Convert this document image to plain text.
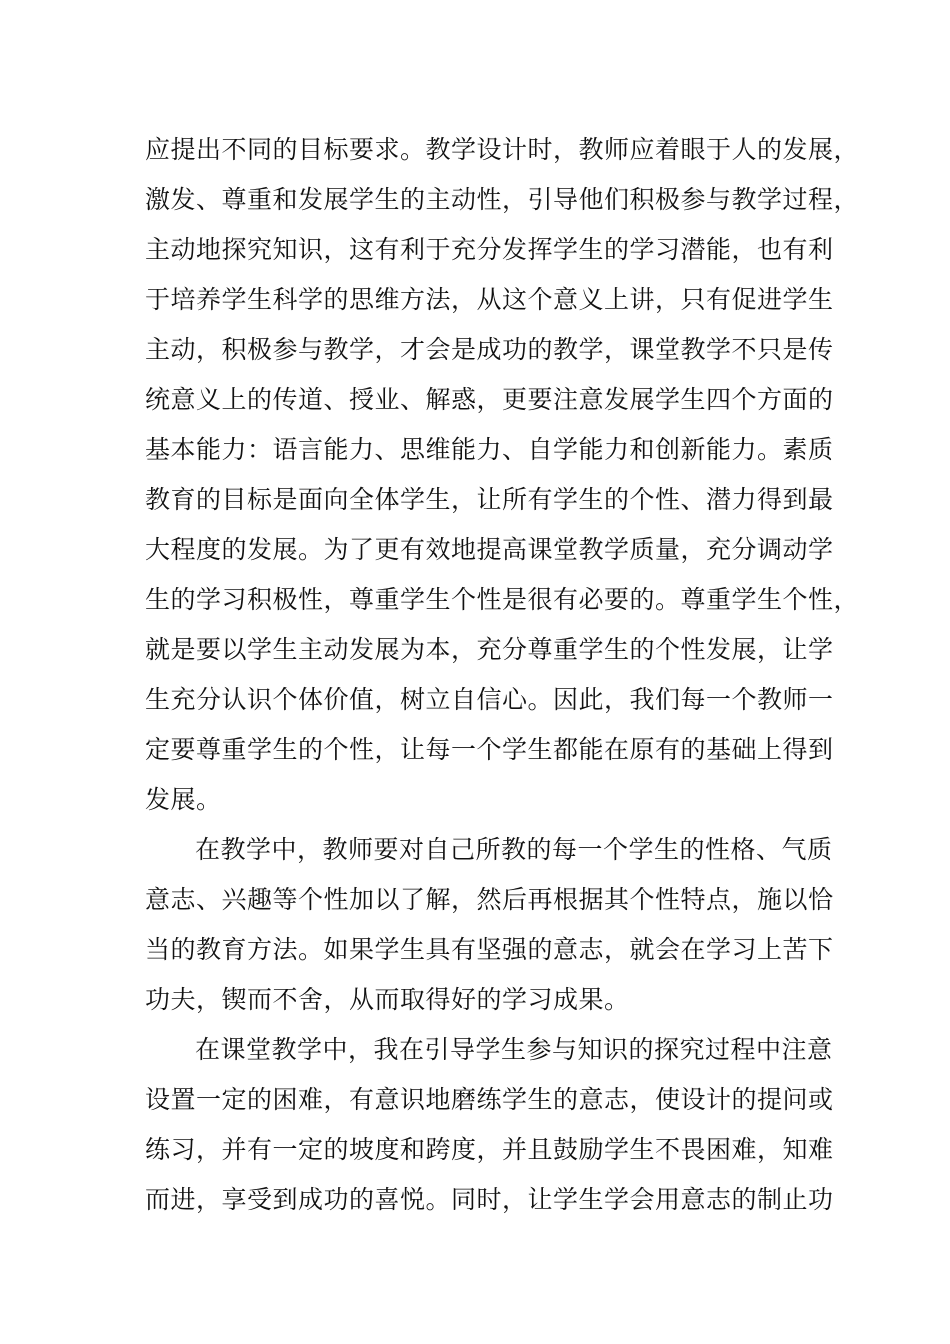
应提出不同的目标要求。教学设计时，教师应着眼于人的发展，
激发、尊重和发展学生的主动性，引导他们积极参与教学过程，
主动地探究知识，这有利于充分发挥学生的学习潜能，也有利
于培养学生科学的思维方法，从这个意义上讲，只有促进学生
主动，积极参与教学，才会是成功的教学，课堂教学不只是传
统意义上的传道、授业、解惑，更要注意发展学生四个方面的
基本能力：语言能力、思维能力、自学能力和创新能力。素质
教育的目标是面向全体学生，让所有学生的个性、潜力得到最
大程度的发展。为了更有效地提高课堂教学质量，充分调动学
生的学习积极性，尊重学生个性是很有必要的。尊重学生个性，
就是要以学生主动发展为本，充分尊重学生的个性发展，让学
生充分认识个体价值，树立自信心。因此，我们每一个教师一
定要尊重学生的个性，让每一个学生都能在原有的基础上得到
发展。
在教学中，教师要对自己所教的每一个学生的性格、气质
意志、兴趣等个性加以了解，然后再根据其个性特点，施以恰
当的教育方法。如果学生具有坚强的意志，就会在学习上苦下
功夫，锲而不舍，从而取得好的学习成果。
在课堂教学中，我在引导学生参与知识的探究过程中注意
设置一定的困难，有意识地磨练学生的意志，使设计的提问或
练习，并有一定的坡度和跨度，并且鼓励学生不畏困难，知难
而进，享受到成功的喜悦。同时，让学生学会用意志的制止功
